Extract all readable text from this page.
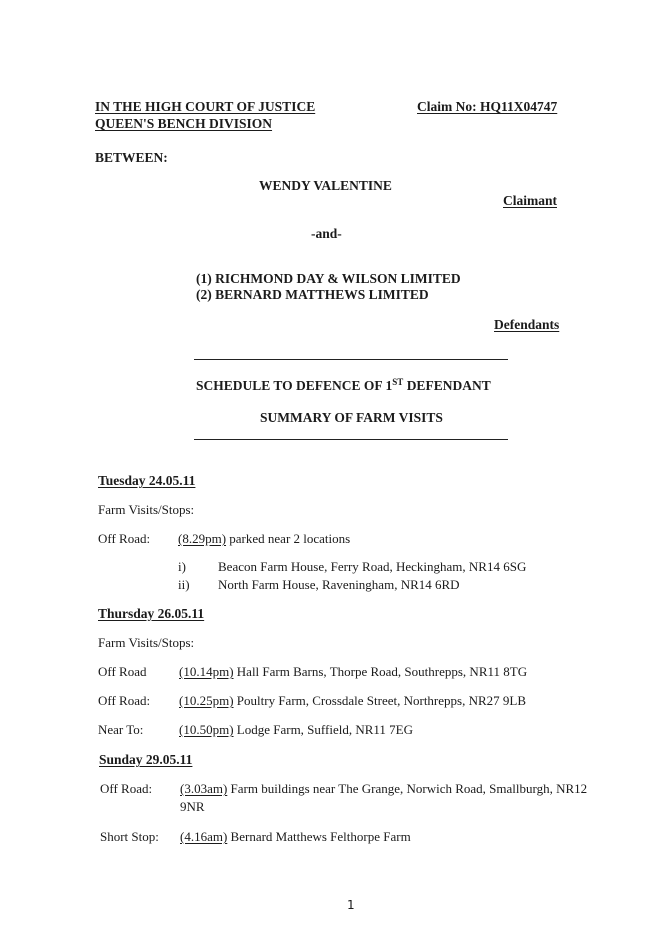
IN THE HIGH COURT OF JUSTICE
QUEEN'S BENCH DIVISION
Claim No: HQ11X04747
BETWEEN:
WENDY VALENTINE
Claimant
-and-
(1) RICHMOND DAY & WILSON LIMITED
(2) BERNARD MATTHEWS LIMITED
Defendants
SCHEDULE TO DEFENCE OF 1ST DEFENDANT
SUMMARY OF FARM VISITS
Tuesday 24.05.11
Farm Visits/Stops:
Off Road: (8.29pm) parked near 2 locations
i) Beacon Farm House, Ferry Road, Heckingham, NR14 6SG
ii) North Farm House, Raveningham, NR14 6RD
Thursday 26.05.11
Farm Visits/Stops:
Off Road (10.14pm) Hall Farm Barns, Thorpe Road, Southrepps, NR11 8TG
Off Road: (10.25pm) Poultry Farm, Crossdale Street, Northrepps, NR27 9LB
Near To:	(10.50pm) Lodge Farm, Suffield, NR11 7EG
Sunday 29.05.11
Off Road: (3.03am) Farm buildings near The Grange, Norwich Road, Smallburgh, NR12
9NR
Short Stop: (4.16am) Bernard Matthews Felthorpe Farm
1
